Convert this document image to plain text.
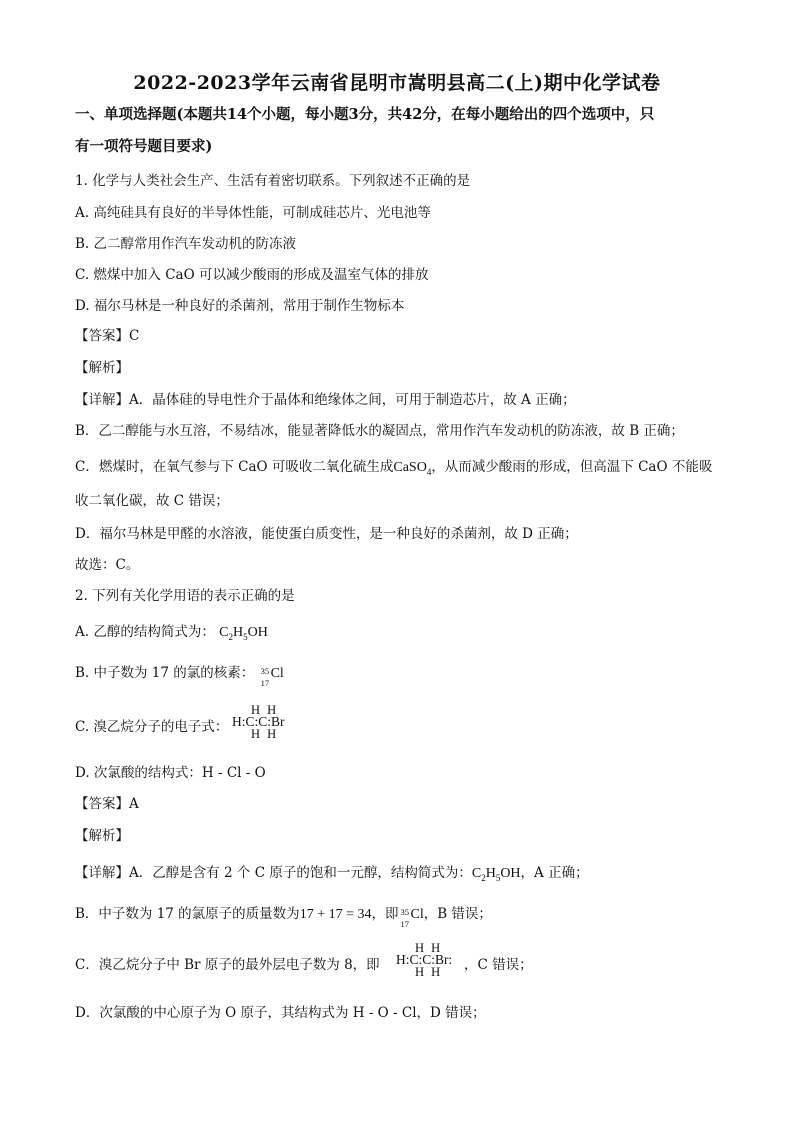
2022-2023学年云南省昆明市嵩明县高二(上)期中化学试卷
一、单项选择题(本题共14个小题，每小题3分，共42分，在每小题给出的四个选项中，只
有一项符号题目要求)
1. 化学与人类社会生产、生活有着密切联系。下列叙述不正确的是
A. 高纯硅具有良好的半导体性能，可制成硅芯片、光电池等
B. 乙二醇常用作汽车发动机的防冻液
C. 燃煤中加入 CaO 可以减少酸雨的形成及温室气体的排放
D. 福尔马林是一种良好的杀菌剂，常用于制作生物标本
【答案】C
【解析】
【详解】A．晶体硅的导电性介于晶体和绝缘体之间，可用于制造芯片，故 A 正确；
B．乙二醇能与水互溶，不易结冰，能显著降低水的凝固点，常用作汽车发动机的防冻液，故 B 正确；
C．燃煤时，在氧气参与下 CaO 可吸收二氧化硫生成CaSO$_4$，从而减少酸雨的形成，但高温下 CaO 不能吸
收二氧化碳，故 C 错误；
D．福尔马林是甲醛的水溶液，能使蛋白质变性，是一种良好的杀菌剂，故 D 正确；
故选：C。
2. 下列有关化学用语的表示正确的是
A. 乙醇的结构简式为： $C_2H_5OH$
B. 中子数为 17 的氯的核素： 35
17
Cl
C. 溴乙烷分子的电子式：
H H
H:C:C:Br
H H
D. 次氯酸的结构式：H - Cl - O
【答案】A
【解析】
【详解】A．乙醇是含有 2 个 C 原子的饱和一元醇，结构简式为：$C_2H_5OH$，A 正确；
B．中子数为 17 的氯原子的质量数为17 + 17 = 34，即 35
17
Cl，B 错误；
C．溴乙烷分子中 Br 原子的最外层电子数为 8，即
H H
H:C:C:Br:
H H	，C 错误；
D．次氯酸的中心原子为 O 原子，其结构式为 H - O - Cl，D 错误；
